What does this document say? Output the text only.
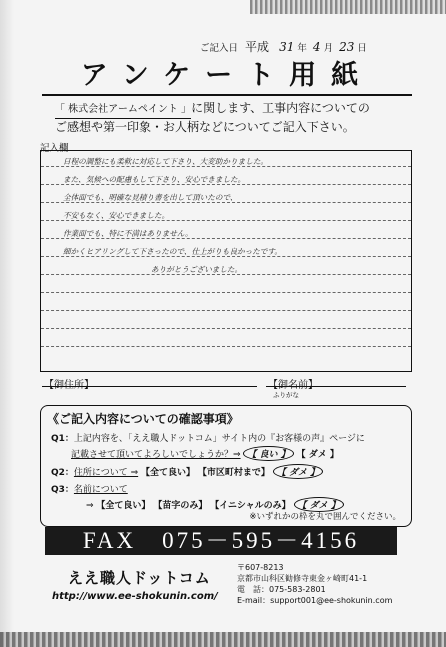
ご記入日 平成 31 年 4 月 23 日
アンケート用紙
「 株式会社アームペイント 」に関します、工事内容についての
ご感想や第一印象・お人柄などについてご記入下さい。
記入欄
日程の調整にも柔軟に対応して下さり、大変助かりました。
また、気候への配慮もして下さり、安心できました。
全体面でも、明確な見積り書を出して頂いたので、
不安もなく、安心できました。
作業面でも、特に不満はありません。
細かくヒアリングして下さったので、仕上がりも良かったです。
ありがとうございました。
【御住所】	【御名前】
ふりがな
《ご記入内容についての確認事項》
Q1：上記内容を、「ええ職人ドットコム」サイト内の『お客様の声』ページに
記載させて頂いてよろしいでしょうか？⇒ 【 良い 】 【 ダメ 】
Q2：住所について ⇒ 【全て良い】 【市区町村まで】 【 ダメ 】
Q3：名前について
⇒ 【全て良い】 【苗字のみ】 【イニシャルのみ】 【 ダメ 】
※いずれかの枠を丸で囲んでください。
FAX　075－595－4156
ええ職人ドットコム
http://www.ee-shokunin.com/
〒607-8213
京都市山科区勧修寺東金ヶ崎町41-1
電　話：075-583-2801
E-mail：support001@ee-shokunin.com
